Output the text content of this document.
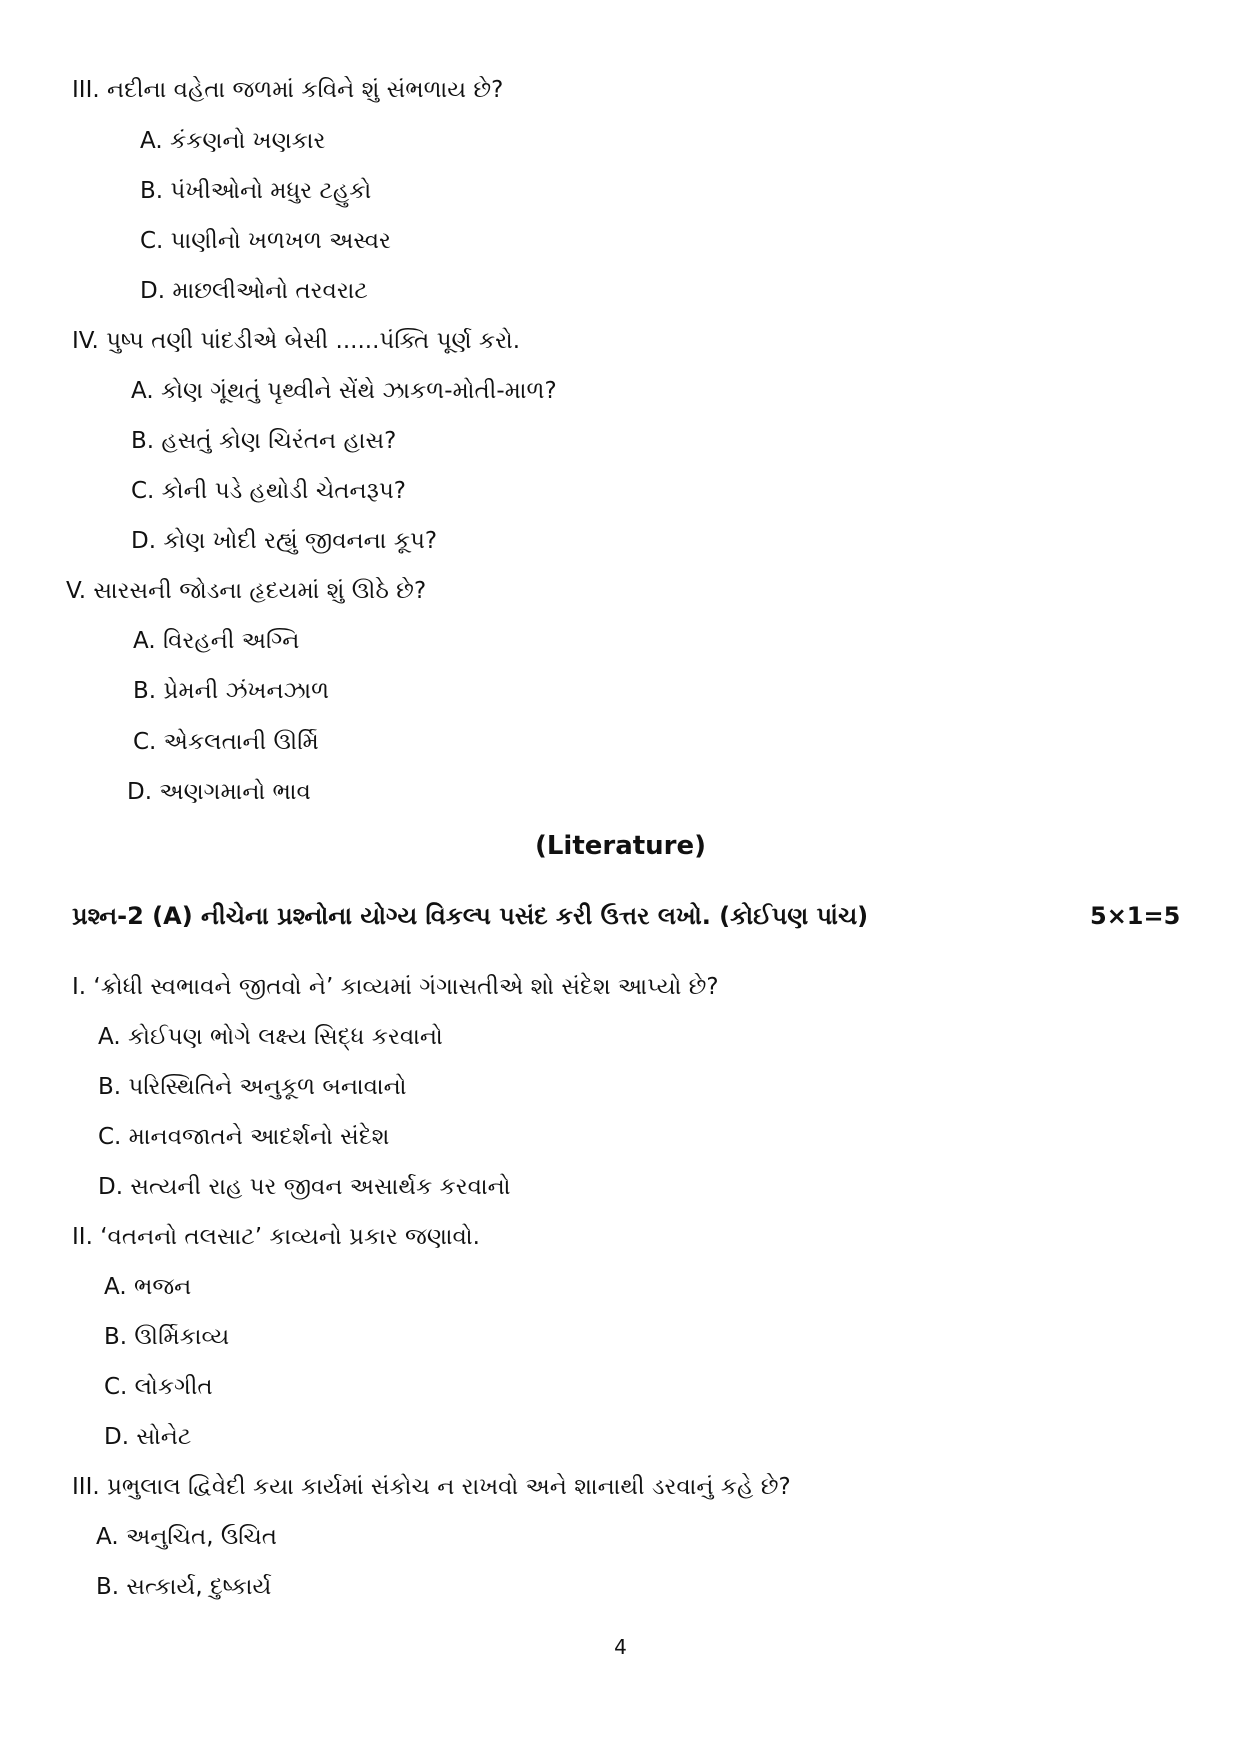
III. નદીના વહેતા જળમાં કવિને શું સંભળાય છે?
A. કંકણનો ખણકાર
B. પંખીઓનો મધુર ટહુકો
C. પાણીનો ખળખળ અસ્વર
D. માછલીઓનો તરવરાટ
IV. પુષ્પ તણી પાંદડીએ બેસી ......પંક્તિ પૂર્ણ કરો.
A. કોણ ગૂંથતું પૃથ્વીને સેંથે ઝાકળ-મોતી-માળ?
B. હસતું કોણ ચિરંતન હાસ?
C. કોની પડે હથોડી ચેતનરૂપ?
D. કોણ ખોદી રહ્યું જીવનના કૂપ?
V. સારસની જોડના હૃદયમાં શું ઊઠે છે?
A. વિરહની અગ્નિ
B. પ્રેમની ઝંખનઝાળ
C. એકલતાની ઊર્મિ
D. અણગમાનો ભાવ
(Literature)
પ્રશ્ન-2 (A) નીચેના પ્રશ્નોના યોગ્ય વિકલ્પ પસંદ કરી ઉત્તર લખો. (કોઈપણ પાંચ)	5×1=5
I. ‘ક્રોધી સ્વભાવને જીતવો ને’ કાવ્યમાં ગંગાસતીએ શો સંદેશ આપ્યો છે?
A. કોઈપણ ભોગે લક્ષ્ય સિદ્ધ કરવાનો
B. પરિસ્થિતિને અનુકૂળ બનાવાનો
C. માનવજાતને આદર્શનો સંદેશ
D. સત્યની રાહ પર જીવન અસાર્થક કરવાનો
II. ‘વતનનો તલસાટ’ કાવ્યનો પ્રકાર જણાવો.
A. ભજન
B. ઊર્મિકાવ્ય
C. લોકગીત
D. સોનેટ
III. પ્રભુલાલ દ્વિવેદી કયા કાર્યમાં સંકોચ ન રાખવો અને શાનાથી ડરવાનું કહે છે?
A. અનુચિત, ઉચિત
B. સત્કાર્ય, દુષ્કાર્ય
4
